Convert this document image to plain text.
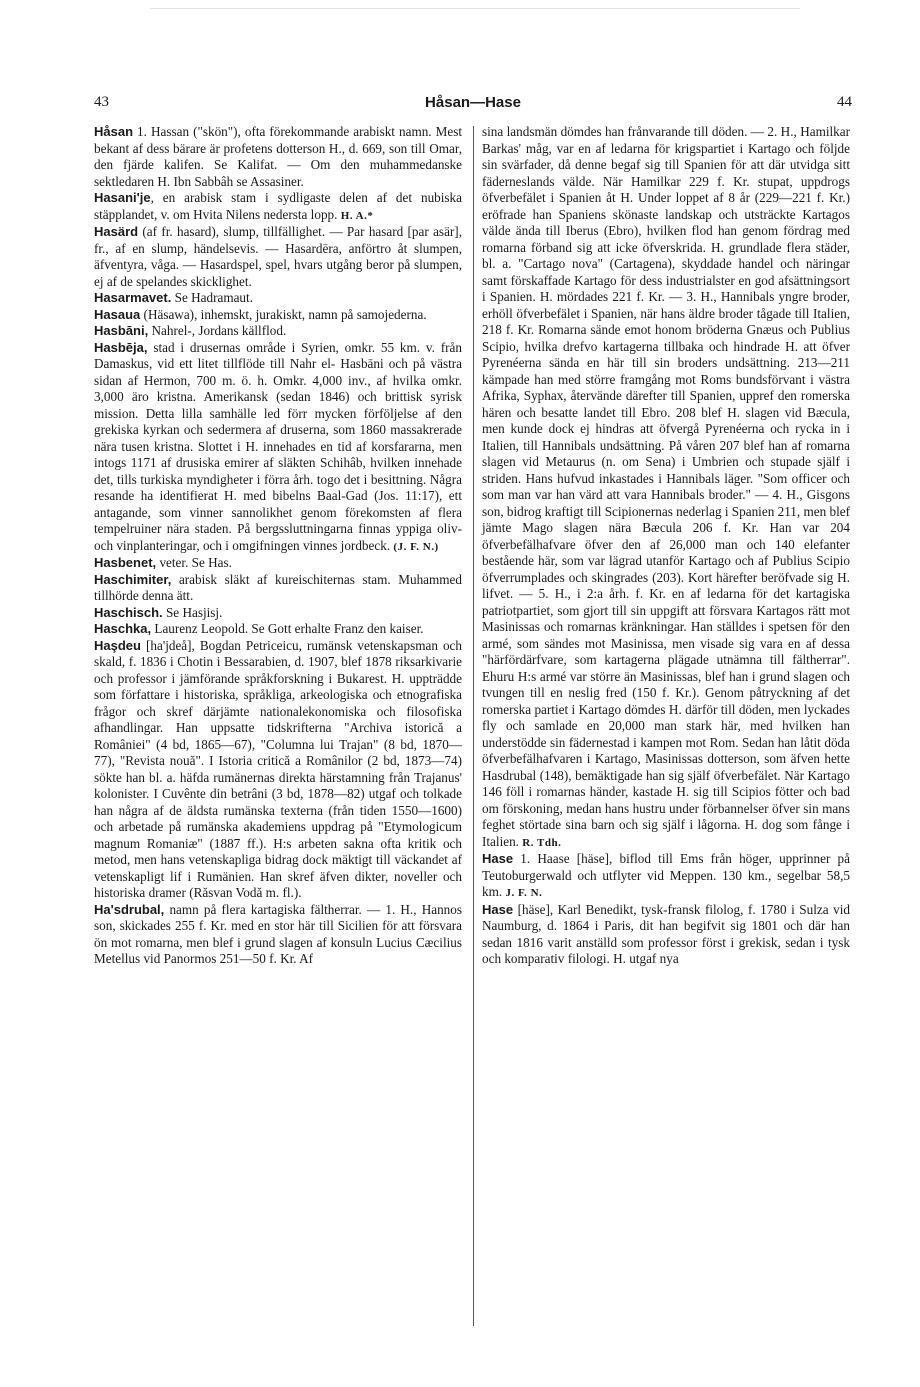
43	Håsan—Hase	44

Håsan 1. Hassan ("skön"), ofta förekommande arabiskt namn. Mest bekant af dess bärare är profetens dotterson H., d. 669, son till Omar, den fjärde kalifen. Se Kalifat. — Om den muhammedanske sektledaren H. Ibn Sabbâh se Assasiner.

Hasani'je, en arabisk stam i sydligaste delen af det nubiska stäpplandet, v. om Hvita Nilens nedersta lopp. H. A.*

Hasärd (af fr. hasard), slump, tillfällighet. — Par hasard [par asär], fr., af en slump, händelsevis. — Hasardēra, anförtro åt slumpen, äfventyra, våga. — Hasardspel, spel, hvars utgång beror på slumpen, ej af de spelandes skicklighet.

Hasarmavet. Se Hadramaut.

Hasaua (Häsawa), inhemskt, jurakiskt, namn på samojederna.

Hasbāni, Nahrel-, Jordans källflod.

Hasbēja, stad i drusernas område i Syrien, omkr. 55 km. v. från Damaskus, vid ett litet tillflöde till Nahr el- Hasbāni och på västra sidan af Hermon, 700 m. ö. h. Omkr. 4,000 inv., af hvilka omkr. 3,000 äro kristna. Amerikansk (sedan 1846) och brittisk syrisk mission. Detta lilla samhälle led förr mycken förföljelse af den grekiska kyrkan och sedermera af druserna, som 1860 massakrerade nära tusen kristna. Slottet i H. innehades en tid af korsfararna, men intogs 1171 af drusiska emirer af släkten Schihâb, hvilken innehade det, tills turkiska myndigheter i förra årh. togo det i besittning. Några resande ha identifierat H. med bibelns Baal-Gad (Jos. 11:17), ett antagande, som vinner sannolikhet genom förekomsten af flera tempelruiner nära staden. På bergssluttningarna finnas yppiga oliv- och vinplanteringar, och i omgifningen vinnes jordbeck. (J. F. N.)

Hasbenet, veter. Se Has.

Haschimiter, arabisk släkt af kureischiternas stam. Muhammed tillhörde denna ätt.

Haschisch. Se Hasjisj.

Haschka, Laurenz Leopold. Se Gott erhalte Franz den kaiser.

Haşdeu [ha'jdeå], Bogdan Petriceicu, rumänsk vetenskapsman och skald, f. 1836 i Chotin i Bessarabien, d. 1907, blef 1878 riksarkivarie och professor i jämförande språkforskning i Bukarest. H. uppträdde som författare i historiska, språkliga, arkeologiska och etnografiska frågor och skref därjämte nationalekonomiska och filosofiska afhandlingar. Han uppsatte tidskrifterna "Archiva istorică a României" (4 bd, 1865—67), "Columna lui Trajan" (8 bd, 1870—77), "Revista nouă". I Istoria critică a Românilor (2 bd, 1873—74) sökte han bl. a. häfda rumänernas direkta härstamning från Trajanus' kolonister. I Cuvênte din betrâni (3 bd, 1878—82) utgaf och tolkade han några af de äldsta rumänska texterna (från tiden 1550—1600) och arbetade på rumänska akademiens uppdrag på "Etymologicum magnum Romaniæ" (1887 ff.). H:s arbeten sakna ofta kritik och metod, men hans vetenskapliga bidrag dock mäktigt till väckandet af vetenskapligt lif i Rumänien. Han skref äfven dikter, noveller och historiska dramer (Răsvan Vodă m. fl.).

Ha'sdrubal, namn på flera kartagiska fältherrar. — 1. H., Hannos son, skickades 255 f. Kr. med en stor här till Sicilien för att försvara ön mot romarna, men blef i grund slagen af konsuln Lucius Cæcilius Metellus vid Panormos 251—50 f. Kr. Af

sina landsmän dömdes han frånvarande till döden. — 2. H., Hamilkar Barkas' måg, var en af ledarna för krigspartiet i Kartago och följde sin svärfader, då denne begaf sig till Spanien för att där utvidga sitt fäderneslands välde. När Hamilkar 229 f. Kr. stupat, uppdrogs öfverbefälet i Spanien åt H. Under loppet af 8 år (229—221 f. Kr.) eröfrade han Spaniens skönaste landskap och utsträckte Kartagos välde ända till Iberus (Ebro), hvilken flod han genom fördrag med romarna förband sig att icke öfverskrida. H. grundlade flera städer, bl. a. "Cartago nova" (Cartagena), skyddade handel och näringar samt förskaffade Kartago för dess industrialster en god afsättningsort i Spanien. H. mördades 221 f. Kr. — 3. H., Hannibals yngre broder, erhöll öfverbefälet i Spanien, när hans äldre broder tågade till Italien, 218 f. Kr. Romarna sände emot honom bröderna Gnæus och Publius Scipio, hvilka drefvo kartagerna tillbaka och hindrade H. att öfver Pyrenéerna sända en här till sin broders undsättning. 213—211 kämpade han med större framgång mot Roms bundsförvant i västra Afrika, Syphax, återvände därefter till Spanien, uppref den romerska hären och besatte landet till Ebro. 208 blef H. slagen vid Bæcula, men kunde dock ej hindras att öfvergå Pyrenéerna och rycka in i Italien, till Hannibals undsättning. På våren 207 blef han af romarna slagen vid Metaurus (n. om Sena) i Umbrien och stupade själf i striden. Hans hufvud inkastades i Hannibals läger. "Som officer och som man var han värd att vara Hannibals broder." — 4. H., Gisgons son, bidrog kraftigt till Scipionernas nederlag i Spanien 211, men blef jämte Mago slagen nära Bæcula 206 f. Kr. Han var 204 öfverbefälhafvare öfver den af 26,000 man och 140 elefanter bestående här, som var lägrad utanför Kartago och af Publius Scipio öfverrumplades och skingrades (203). Kort härefter beröfvade sig H. lifvet. — 5. H., i 2:a årh. f. Kr. en af ledarna för det kartagiska patriotpartiet, som gjort till sin uppgift att försvara Kartagos rätt mot Masinissas och romarnas kränkningar. Han ställdes i spetsen för den armé, som sändes mot Masinissa, men visade sig vara en af dessa "härfördärfvare, som kartagerna plägade utnämna till fältherrar". Ehuru H:s armé var större än Masinissas, blef han i grund slagen och tvungen till en neslig fred (150 f. Kr.). Genom påtryckning af det romerska partiet i Kartago dömdes H. därför till döden, men lyckades fly och samlade en 20,000 man stark här, med hvilken han understödde sin fädernestad i kampen mot Rom. Sedan han låtit döda öfverbefälhafvaren i Kartago, Masinissas dotterson, som äfven hette Hasdrubal (148), bemäktigade han sig själf öfverbefälet. När Kartago 146 föll i romarnas händer, kastade H. sig till Scipios fötter och bad om förskoning, medan hans hustru under förbannelser öfver sin mans feghet störtade sina barn och sig själf i lågorna. H. dog som fånge i Italien. R. Tdh.

Hase 1. Haase [häse], biflod till Ems från höger, upprinner på Teutoburgerwald och utflyter vid Meppen. 130 km., segelbar 58,5 km. J. F. N.

Hase [häse], Karl Benedikt, tysk-fransk filolog, f. 1780 i Sulza vid Naumburg, d. 1864 i Paris, dit han begifvit sig 1801 och där han sedan 1816 varit anställd som professor först i grekisk, sedan i tysk och komparativ filologi. H. utgaf nya
